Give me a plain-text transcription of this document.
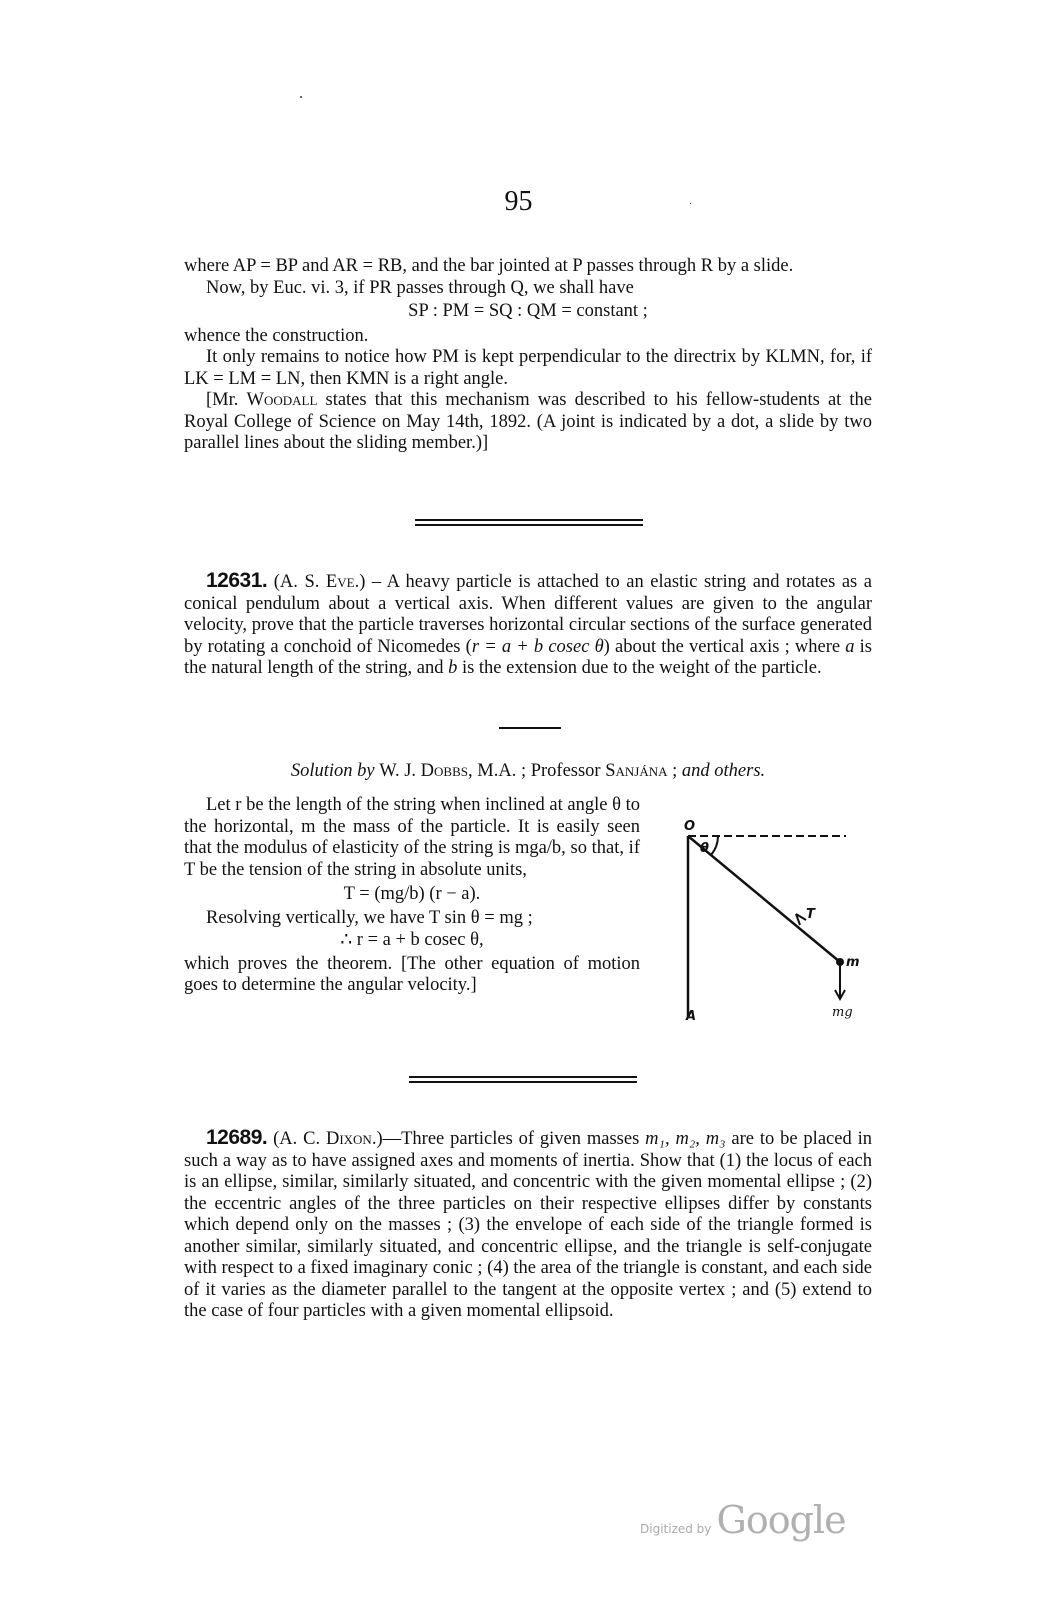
95

where AP = BP and AR = RB, and the bar jointed at P passes through R by a slide.

Now, by Euc. vi. 3, if PR passes through Q, we shall have

SP : PM = SQ : QM = constant ;

whence the construction.

It only remains to notice how PM is kept perpendicular to the directrix by KLMN, for, if LK = LM = LN, then KMN is a right angle.

[Mr. Woodall states that this mechanism was described to his fellow-students at the Royal College of Science on May 14th, 1892. (A joint is indicated by a dot, a slide by two parallel lines about the sliding member.)]

12631. (A. S. Eve.) – A heavy particle is attached to an elastic string and rotates as a conical pendulum about a vertical axis. When different values are given to the angular velocity, prove that the particle traverses horizontal circular sections of the surface generated by rotating a conchoid of Nicomedes (r = a + b cosec θ) about the vertical axis ; where a is the natural length of the string, and b is the extension due to the weight of the particle.

Solution by W. J. Dobbs, M.A. ; Professor Sanjána ; and others.

Let r be the length of the string when inclined at angle θ to the horizontal, m the mass of the particle. It is easily seen that the modulus of elasticity of the string is mga/b, so that, if T be the tension of the string in absolute units,

T = (mg/b) (r − a).

Resolving vertically, we have T sin θ = mg ;

∴ r = a + b cosec θ,

which proves the theorem. [The other equation of motion goes to determine the angular velocity.]

O
θ
T
m
mg
A

12689. (A. C. Dixon.)—Three particles of given masses m₁, m₂, m₃ are to be placed in such a way as to have assigned axes and moments of inertia. Show that (1) the locus of each is an ellipse, similar, similarly situated, and concentric with the given momental ellipse ; (2) the eccentric angles of the three particles on their respective ellipses differ by constants which depend only on the masses ; (3) the envelope of each side of the triangle formed is another similar, similarly situated, and concentric ellipse, and the triangle is self-conjugate with respect to a fixed imaginary conic ; (4) the area of the triangle is constant, and each side of it varies as the diameter parallel to the tangent at the opposite vertex ; and (5) extend to the case of four particles with a given momental ellipsoid.

Digitized by Google
